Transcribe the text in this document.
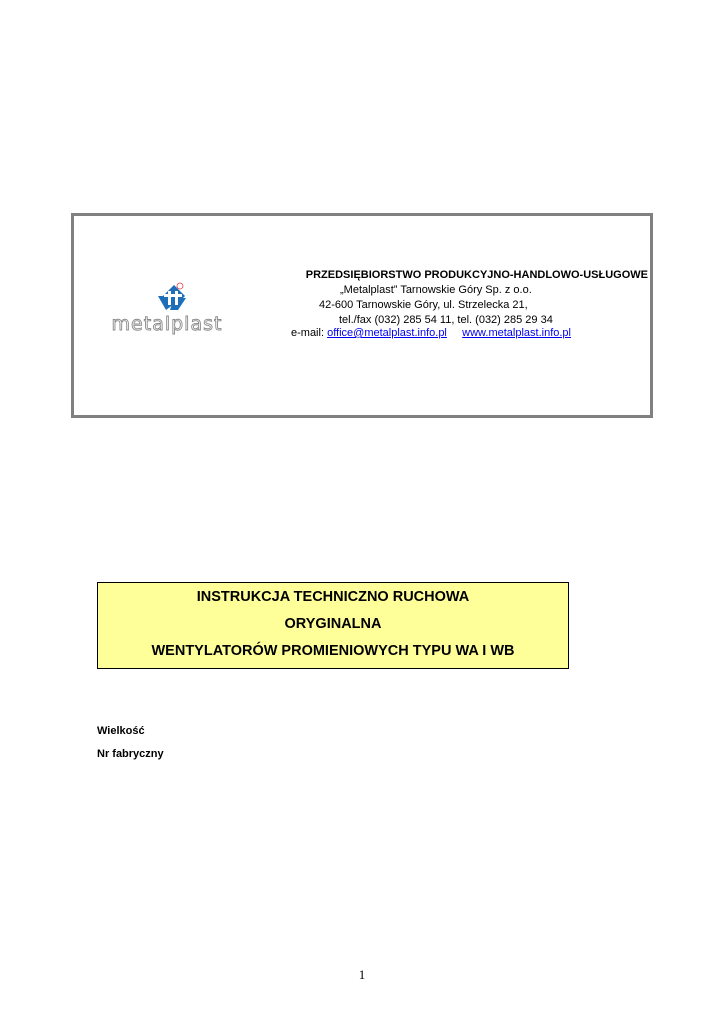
metalplast
PRZEDSIĘBIORSTWO PRODUKCYJNO-HANDLOWO-USŁUGOWE
„Metalplast” Tarnowskie Góry Sp. z o.o.
42-600 Tarnowskie Góry, ul. Strzelecka 21,
tel./fax (032) 285 54 11, tel. (032) 285 29 34
e-mail: office@metalplast.info.pl www.metalplast.info.pl
INSTRUKCJA TECHNICZNO RUCHOWA
ORYGINALNA
WENTYLATORÓW PROMIENIOWYCH TYPU WA I WB
Wielkość
Nr fabryczny
1
